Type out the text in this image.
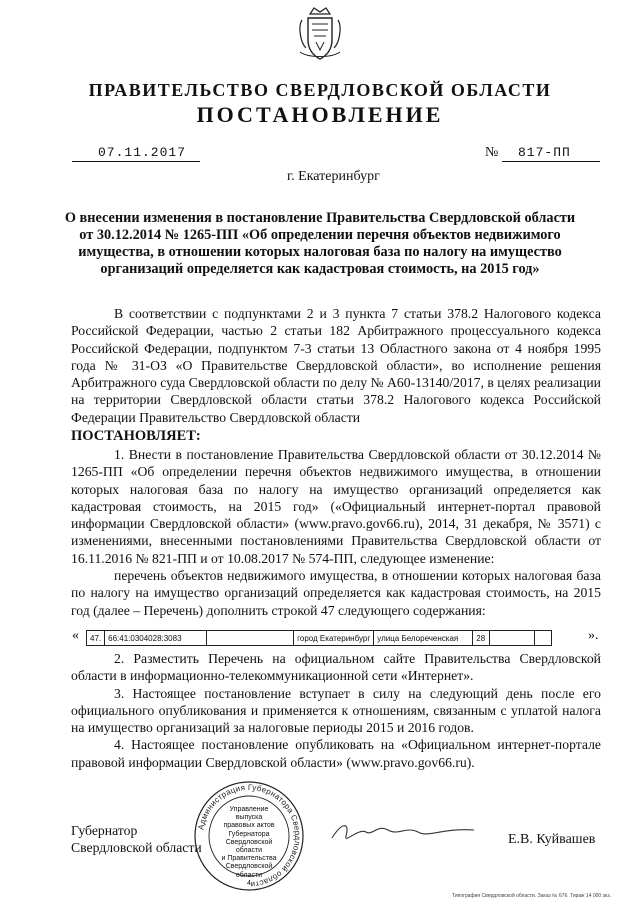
ПРАВИТЕЛЬСТВО СВЕРДЛОВСКОЙ ОБЛАСТИ
ПОСТАНОВЛЕНИЕ
07.11.2017	№ 817-ПП
г. Екатеринбург
О внесении изменения в постановление Правительства Свердловской области
от 30.12.2014 № 1265-ПП «Об определении перечня объектов недвижимого
имущества, в отношении которых налоговая база по налогу на имущество
организаций определяется как кадастровая стоимость, на 2015 год»

В соответствии с подпунктами 2 и 3 пункта 7 статьи 378.2 Налогового кодекса Российской Федерации, частью 2 статьи 182 Арбитражного процессуального кодекса Российской Федерации, подпунктом 7-3 статьи 13 Областного закона от 4 ноября 1995 года № 31-ОЗ «О Правительстве Свердловской области», во исполнение решения Арбитражного суда Свердловской области по делу № А60-13140/2017, в целях реализации на территории Свердловской области статьи 378.2 Налогового кодекса Российской Федерации Правительство Свердловской области

ПОСТАНОВЛЯЕТ:

1. Внести в постановление Правительства Свердловской области от 30.12.2014 № 1265-ПП «Об определении перечня объектов недвижимого имущества, в отношении которых налоговая база по налогу на имущество организаций определяется как кадастровая стоимость, на 2015 год» («Официальный интернет-портал правовой информации Свердловской области» (www.pravo.gov66.ru), 2014, 31 декабря, № 3571) с изменениями, внесенными постановлениями Правительства Свердловской области от 16.11.2016 № 821-ПП и от 10.08.2017 № 574-ПП, следующее изменение:

перечень объектов недвижимого имущества, в отношении которых налоговая база по налогу на имущество организаций определяется как кадастровая стоимость, на 2015 год (далее – Перечень) дополнить строкой 47 следующего содержания:

« 47.	66:41:0304028:3083		город Екатеринбург	улица Белореченская	28			».

2. Разместить Перечень на официальном сайте Правительства Свердловской области в информационно-телекоммуникационной сети «Интернет».

3. Настоящее постановление вступает в силу на следующий день после его официального опубликования и применяется к отношениям, связанным с уплатой налога на имущество организаций за налоговые периоды 2015 и 2016 годов.

4. Настоящее постановление опубликовать на «Официальном интернет-портале правовой информации Свердловской области» (www.pravo.gov66.ru).

Губернатор
Свердловской области
Е.В. Куйвашев
Администрация Губернатора Свердловской области
Управление
выпуска
правовых актов
Губернатора
Свердловской области
и Правительства
Свердловской
области
4
Типография Свердловской области. Заказ № 676. Тираж 14 000 экз.
